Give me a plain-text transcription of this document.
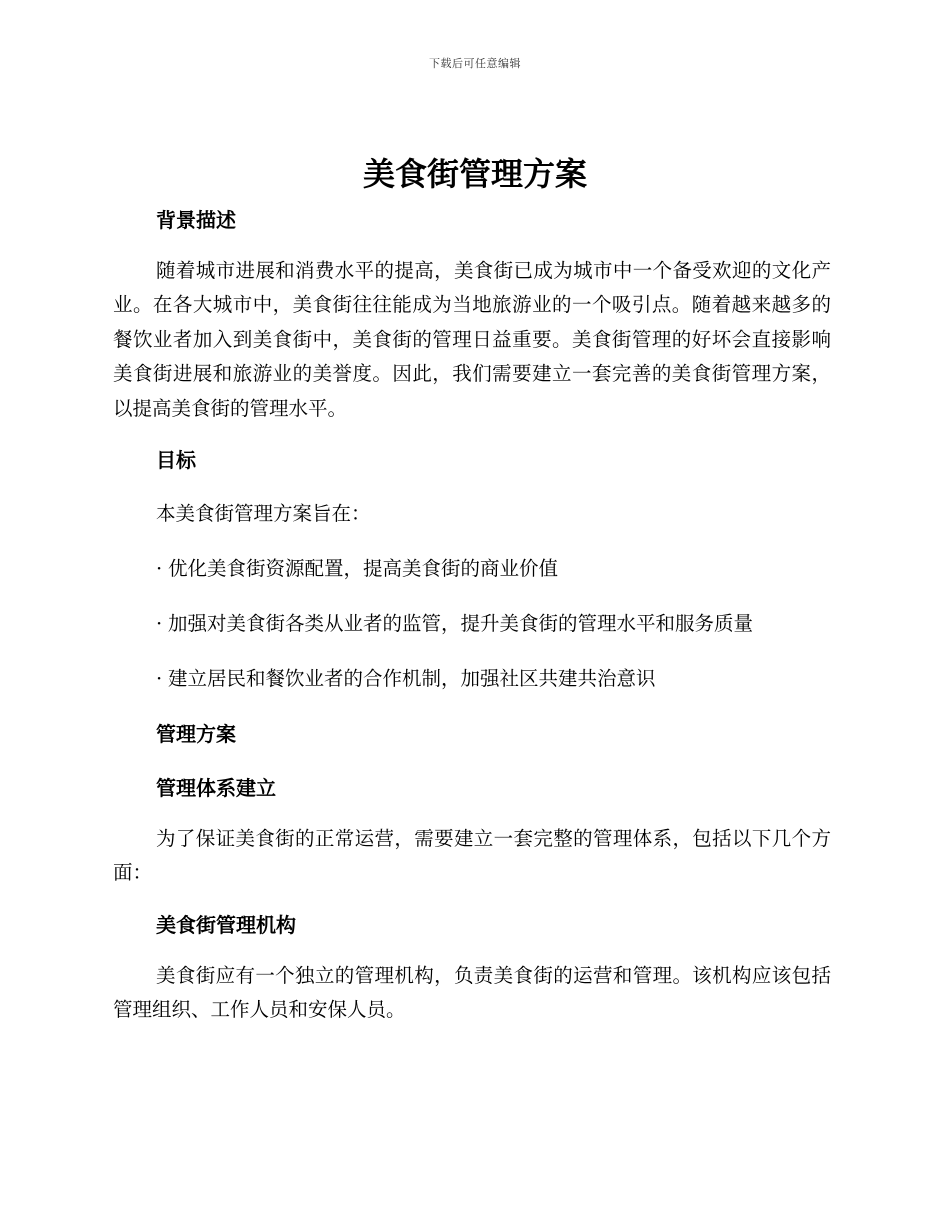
下载后可任意编辑
美食街管理方案
背景描述

随着城市进展和消费水平的提高，美食街已成为城市中一个备受欢迎的文化产业。在各大城市中，美食街往往能成为当地旅游业的一个吸引点。随着越来越多的餐饮业者加入到美食街中，美食街的管理日益重要。美食街管理的好坏会直接影响美食街进展和旅游业的美誉度。因此，我们需要建立一套完善的美食街管理方案，以提高美食街的管理水平。

目标
本美食街管理方案旨在：
· 优化美食街资源配置，提高美食街的商业价值
· 加强对美食街各类从业者的监管，提升美食街的管理水平和服务质量
· 建立居民和餐饮业者的合作机制，加强社区共建共治意识
管理方案
管理体系建立

为了保证美食街的正常运营，需要建立一套完整的管理体系，包括以下几个方面：

美食街管理机构

美食街应有一个独立的管理机构，负责美食街的运营和管理。该机构应该包括管理组织、工作人员和安保人员。
